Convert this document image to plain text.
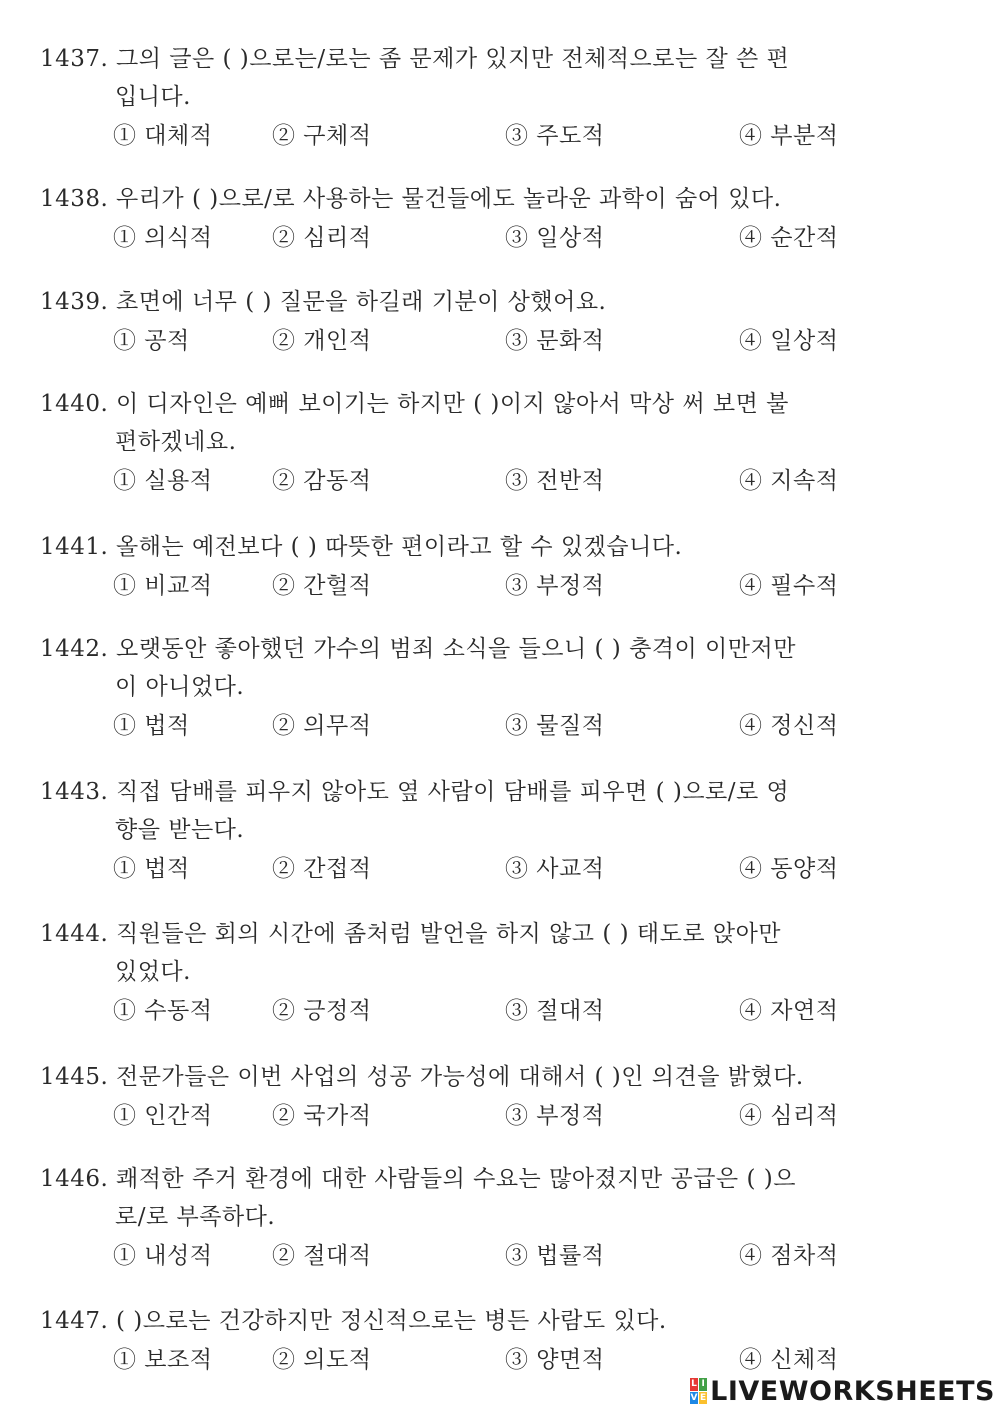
1437. 그의 글은 ( )으로는/로는 좀 문제가 있지만 전체적으로는 잘 쓴 편
입니다.
① 대체적	② 구체적	③ 주도적	④ 부분적
1438. 우리가 ( )으로/로 사용하는 물건들에도 놀라운 과학이 숨어 있다.
① 의식적	② 심리적	③ 일상적	④ 순간적
1439. 초면에 너무 ( ) 질문을 하길래 기분이 상했어요.
① 공적	② 개인적	③ 문화적	④ 일상적
1440. 이 디자인은 예뻐 보이기는 하지만 ( )이지 않아서 막상 써 보면 불
편하겠네요.
① 실용적	② 감동적	③ 전반적	④ 지속적
1441. 올해는 예전보다 ( ) 따뜻한 편이라고 할 수 있겠습니다.
① 비교적	② 간헐적	③ 부정적	④ 필수적
1442. 오랫동안 좋아했던 가수의 범죄 소식을 들으니 ( ) 충격이 이만저만
이 아니었다.
① 법적	② 의무적	③ 물질적	④ 정신적
1443. 직접 담배를 피우지 않아도 옆 사람이 담배를 피우면 ( )으로/로 영
향을 받는다.
① 법적	② 간접적	③ 사교적	④ 동양적
1444. 직원들은 회의 시간에 좀처럼 발언을 하지 않고 ( ) 태도로 앉아만
있었다.
① 수동적	② 긍정적	③ 절대적	④ 자연적
1445. 전문가들은 이번 사업의 성공 가능성에 대해서 ( )인 의견을 밝혔다.
① 인간적	② 국가적	③ 부정적	④ 심리적
1446. 쾌적한 주거 환경에 대한 사람들의 수요는 많아졌지만 공급은 ( )으
로/로 부족하다.
① 내성적	② 절대적	③ 법률적	④ 점차적
1447. ( )으로는 건강하지만 정신적으로는 병든 사람도 있다.
① 보조적	② 의도적	③ 양면적	④ 신체적
L I
V E LIVEWORKSHEETS
